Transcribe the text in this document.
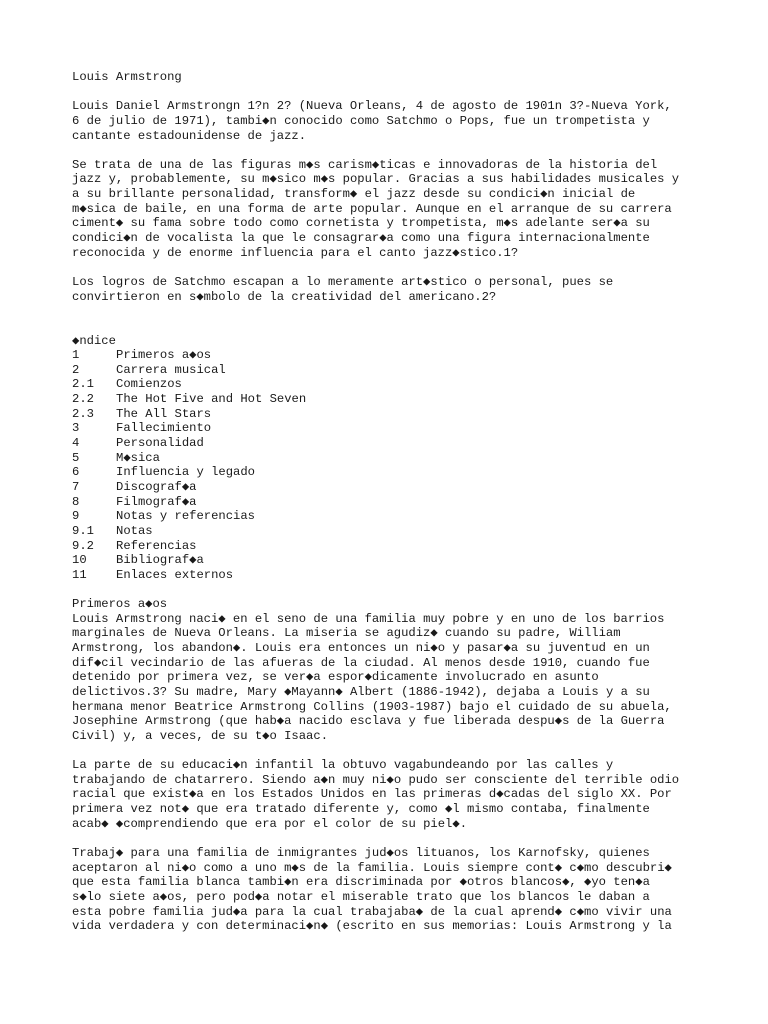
Louis Armstrong
Louis Daniel Armstrongn 1?n 2? (Nueva Orleans, 4 de agosto de 1901n 3?-Nueva York,
6 de julio de 1971), tambi◆n conocido como Satchmo o Pops, fue un trompetista y
cantante estadounidense de jazz.
Se trata de una de las figuras m◆s carism◆ticas e innovadoras de la historia del
jazz y, probablemente, su m◆sico m◆s popular. Gracias a sus habilidades musicales y
a su brillante personalidad, transform◆ el jazz desde su condici◆n inicial de
m◆sica de baile, en una forma de arte popular. Aunque en el arranque de su carrera
ciment◆ su fama sobre todo como cornetista y trompetista, m◆s adelante ser◆a su
condici◆n de vocalista la que le consagrar◆a como una figura internacionalmente
reconocida y de enorme influencia para el canto jazz◆stico.1?
Los logros de Satchmo escapan a lo meramente art◆stico o personal, pues se
convirtieron en s◆mbolo de la creatividad del americano.2?
◆ndice
1	Primeros a◆os
2	Carrera musical
2.1	Comienzos
2.2	The Hot Five and Hot Seven
2.3	The All Stars
3	Fallecimiento
4	Personalidad
5	M◆sica
6	Influencia y legado
7	Discograf◆a
8	Filmograf◆a
9	Notas y referencias
9.1	Notas
9.2	Referencias
10	Bibliograf◆a
11	Enlaces externos
Primeros a◆os
Louis Armstrong naci◆ en el seno de una familia muy pobre y en uno de los barrios
marginales de Nueva Orleans. La miseria se agudiz◆ cuando su padre, William
Armstrong, los abandon◆. Louis era entonces un ni◆o y pasar◆a su juventud en un
dif◆cil vecindario de las afueras de la ciudad. Al menos desde 1910, cuando fue
detenido por primera vez, se ver◆a espor◆dicamente involucrado en asunto
delictivos.3? Su madre, Mary ◆Mayann◆ Albert (1886-1942), dejaba a Louis y a su
hermana menor Beatrice Armstrong Collins (1903-1987) bajo el cuidado de su abuela,
Josephine Armstrong (que hab◆a nacido esclava y fue liberada despu◆s de la Guerra
Civil) y, a veces, de su t◆o Isaac.
La parte de su educaci◆n infantil la obtuvo vagabundeando por las calles y
trabajando de chatarrero. Siendo a◆n muy ni◆o pudo ser consciente del terrible odio
racial que exist◆a en los Estados Unidos en las primeras d◆cadas del siglo XX. Por
primera vez not◆ que era tratado diferente y, como ◆l mismo contaba, finalmente
acab◆ ◆comprendiendo que era por el color de su piel◆.
Trabaj◆ para una familia de inmigrantes jud◆os lituanos, los Karnofsky, quienes
aceptaron al ni◆o como a uno m◆s de la familia. Louis siempre cont◆ c◆mo descubri◆
que esta familia blanca tambi◆n era discriminada por ◆otros blancos◆, ◆yo ten◆a
s◆lo siete a◆os, pero pod◆a notar el miserable trato que los blancos le daban a
esta pobre familia jud◆a para la cual trabajaba◆ de la cual aprend◆ c◆mo vivir una
vida verdadera y con determinaci◆n◆ (escrito en sus memorias: Louis Armstrong y la
